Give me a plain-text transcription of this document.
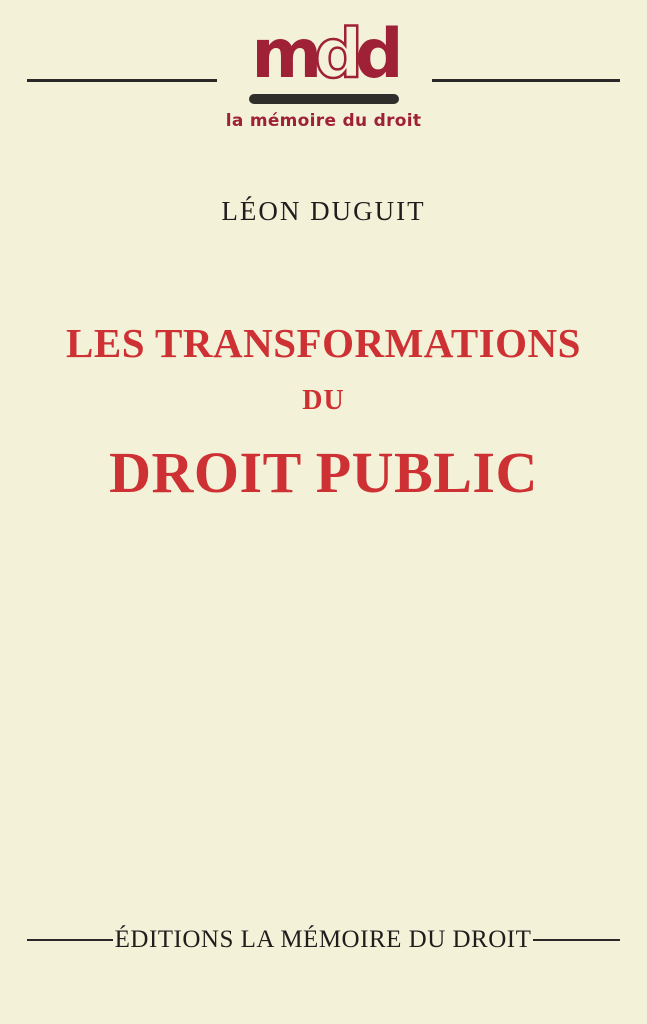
mdd
la mémoire du droit
LÉON DUGUIT
LES TRANSFORMATIONS
DU
DROIT PUBLIC
ÉDITIONS LA MÉMOIRE DU DROIT
